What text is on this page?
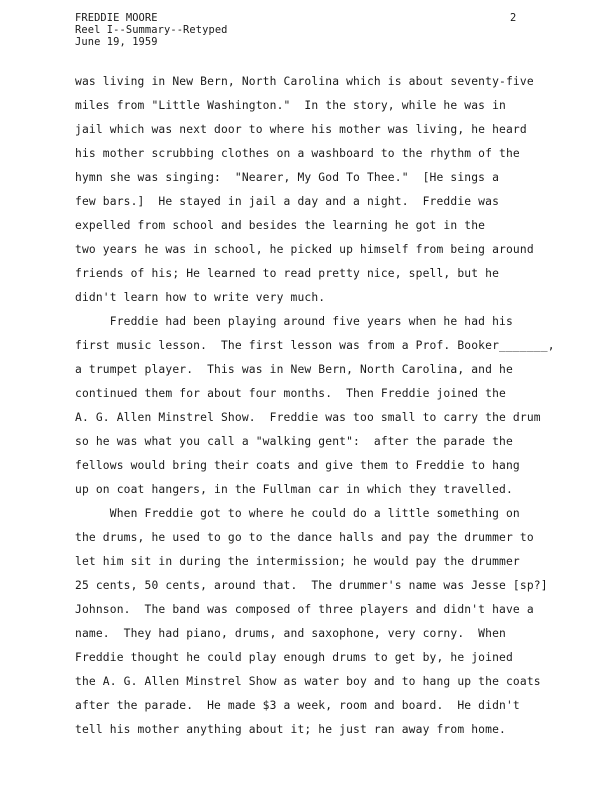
FREDDIE MOORE
Reel I--Summary--Retyped
June 19, 1959
2
was living in New Bern, North Carolina which is about seventy-five
miles from "Little Washington."  In the story, while he was in
jail which was next door to where his mother was living, he heard
his mother scrubbing clothes on a washboard to the rhythm of the
hymn she was singing:  "Nearer, My God To Thee."  [He sings a
few bars.]  He stayed in jail a day and a night.  Freddie was
expelled from school and besides the learning he got in the
two years he was in school, he picked up himself from being around
friends of his; He learned to read pretty nice, spell, but he
didn't learn how to write very much.
Freddie had been playing around five years when he had his
first music lesson.  The first lesson was from a Prof. Booker_______,
a trumpet player.  This was in New Bern, North Carolina, and he
continued them for about four months.  Then Freddie joined the
A. G. Allen Minstrel Show.  Freddie was too small to carry the drum
so he was what you call a "walking gent":  after the parade the
fellows would bring their coats and give them to Freddie to hang
up on coat hangers, in the Fullman car in which they travelled.
When Freddie got to where he could do a little something on
the drums, he used to go to the dance halls and pay the drummer to
let him sit in during the intermission; he would pay the drummer
25 cents, 50 cents, around that.  The drummer's name was Jesse [sp?]
Johnson.  The band was composed of three players and didn't have a
name.  They had piano, drums, and saxophone, very corny.  When
Freddie thought he could play enough drums to get by, he joined
the A. G. Allen Minstrel Show as water boy and to hang up the coats
after the parade.  He made $3 a week, room and board.  He didn't
tell his mother anything about it; he just ran away from home.
